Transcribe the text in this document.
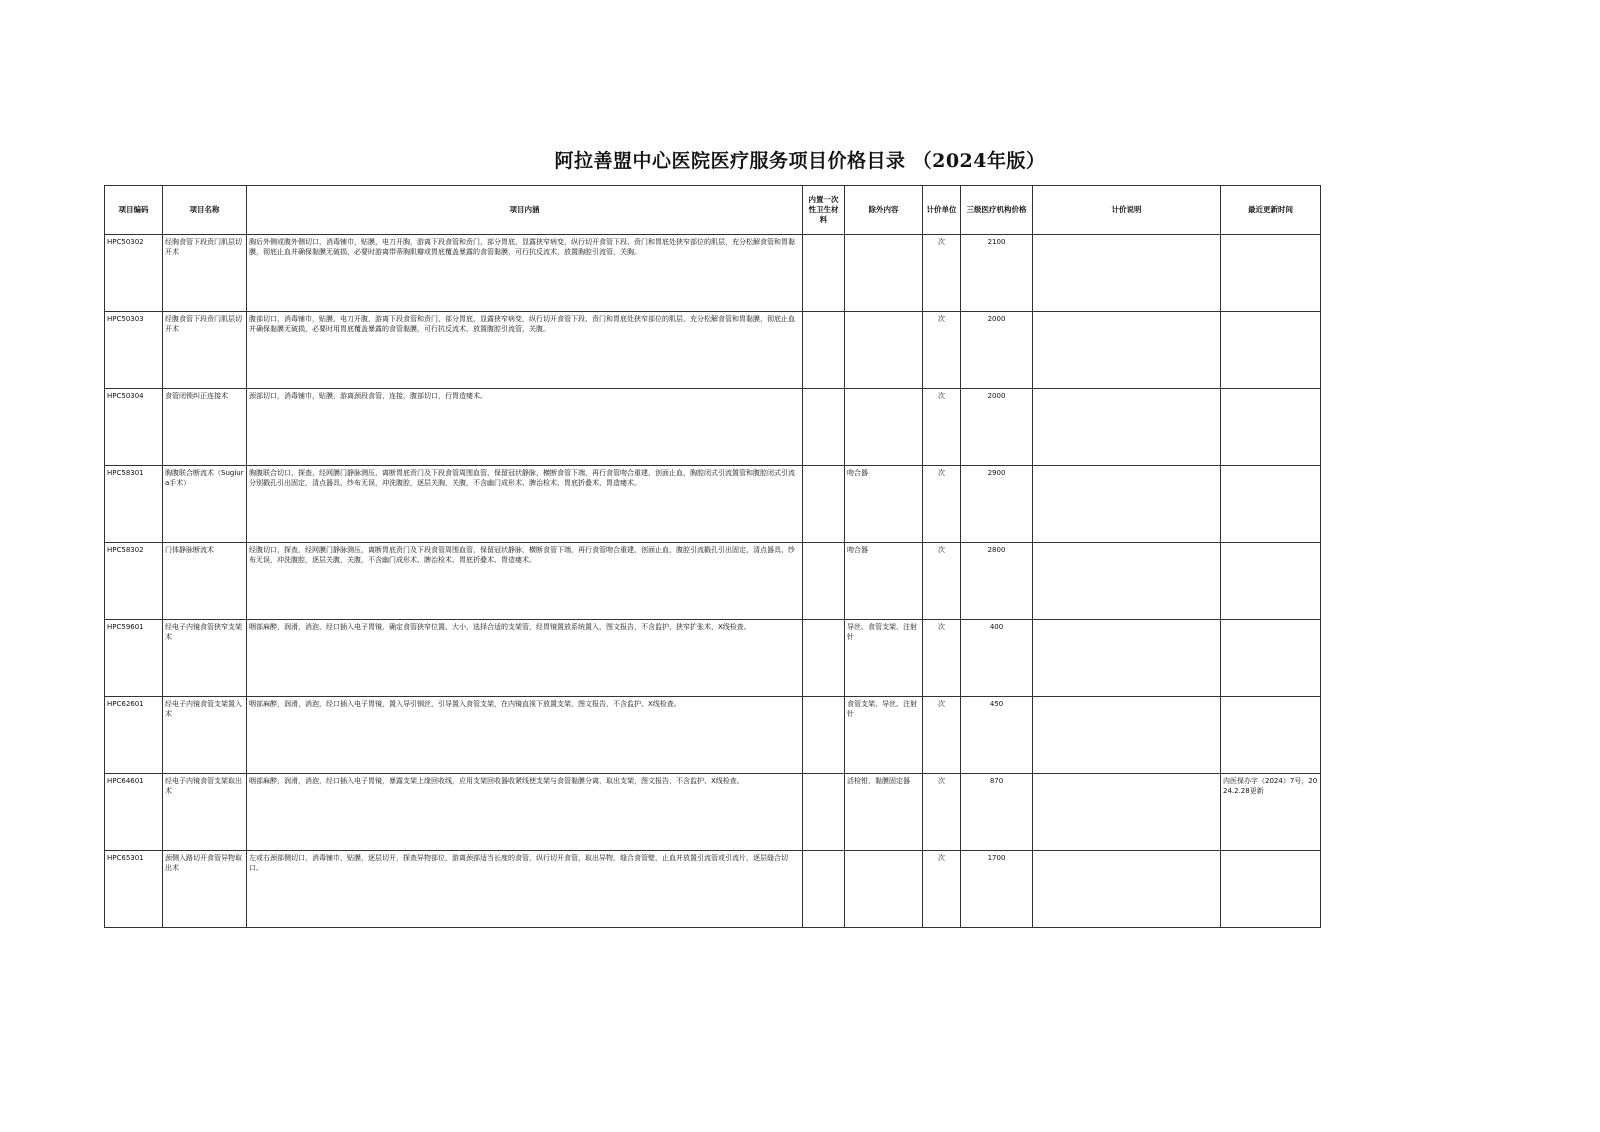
阿拉善盟中心医院医疗服务项目价格目录 （2024年版）
项目编码	项目名称	项目内涵	内置一次性卫生材料	除外内容	计价单位	三级医疗机构价格	计价说明	最近更新时间
HPC50302	经胸食管下段贲门肌层切开术	胸后外侧或腹外侧切口，消毒铺巾，贴膜，电刀开胸，游离下段食管和贲门，部分胃底，显露狭窄病变，纵行切开食管下段、贲门和胃底处狭窄部位的肌层，充分松解食管和胃黏膜，彻底止血并确保黏膜无破损，必要时游离带蒂胸肌瓣或胃底覆盖暴露的食管黏膜，可行抗反流术，放置胸腔引流管，关胸。			次	2100		
HPC50303	经腹食管下段贲门肌层切开术	腹部切口，消毒铺巾，贴膜，电刀开腹，游离下段食管和贲门，部分胃底，显露狭窄病变，纵行切开食管下段、贲门和胃底处狭窄部位的肌层，充分松解食管和胃黏膜，彻底止血并确保黏膜无破损，必要时用胃底覆盖暴露的食管黏膜，可行抗反流术，放置腹腔引流管，关腹。			次	2000		
HPC50304	食管闭锁纠正连接术	颈部切口，消毒铺巾，贴膜，游离颈段食管，连接，腹部切口，行胃造瘘术。			次	2000		
HPC58301	胸腹联合断流术（Sugiura手术）	胸腹联合切口，探查，经网膜门静脉测压，离断胃底贲门及下段食管周围血管，保留冠状静脉，横断食管下端，再行食管吻合重建，创面止血，胸腔闭式引流置管和腹腔闭式引流分别戳孔引出固定，清点器具、纱布无误，冲洗腹腔，逐层关胸，关腹，不含幽门成形术、脾治检术、胃底折叠术、胃造瘘术。		吻合器	次	2900		
HPC58302	门体静脉断流术	经腹切口，探查，经网膜门静脉测压，离断胃底贲门及下段食管周围血管，保留冠状静脉，横断食管下端，再行食管吻合重建，创面止血，腹腔引流戳孔引出固定，清点器具、纱布无误，冲洗腹腔，逐层关腹，关腹，不含幽门成形术、脾治检术、胃底折叠术、胃造瘘术。		吻合器	次	2800		
HPC59601	经电子内镜食管狭窄支架术	咽部麻醉，润滑，消泡，经口插入电子胃镜，确定食管狭窄位置、大小，选择合适的支架管，经胃镜置放系统置入，图文报告，不含监护、狭窄扩张术、X线检查。		导丝、食管支架、注射针	次	400		
HPC62601	经电子内镜食管支架置入术	咽部麻醉，润滑，消泡，经口插入电子胃镜，置入导引钢丝，引导置入食管支架，在内镜直视下放置支架，图文报告，不含监护、X线检查。		食管支架、导丝、注射针	次	450		
HPC64601	经电子内镜食管支架取出术	咽部麻醉，润滑，消泡，经口插入电子胃镜，暴露支架上缘回收线，应用支架回收器收紧线使支架与食管黏膜分离，取出支架，图文报告，不含监护、X线检查。		活检钳、黏膜固定器	次	870		内医保办字（2024）7号，2024.2.28更新
HPC65301	颈侧入路切开食管异物取出术	左或右颈部侧切口，消毒铺巾，贴膜，逐层切开，探查异物部位，游离颈部适当长度的食管，纵行切开食管，取出异物，缝合食管壁，止血并放置引流管或引流片，逐层缝合切口。			次	1700		
